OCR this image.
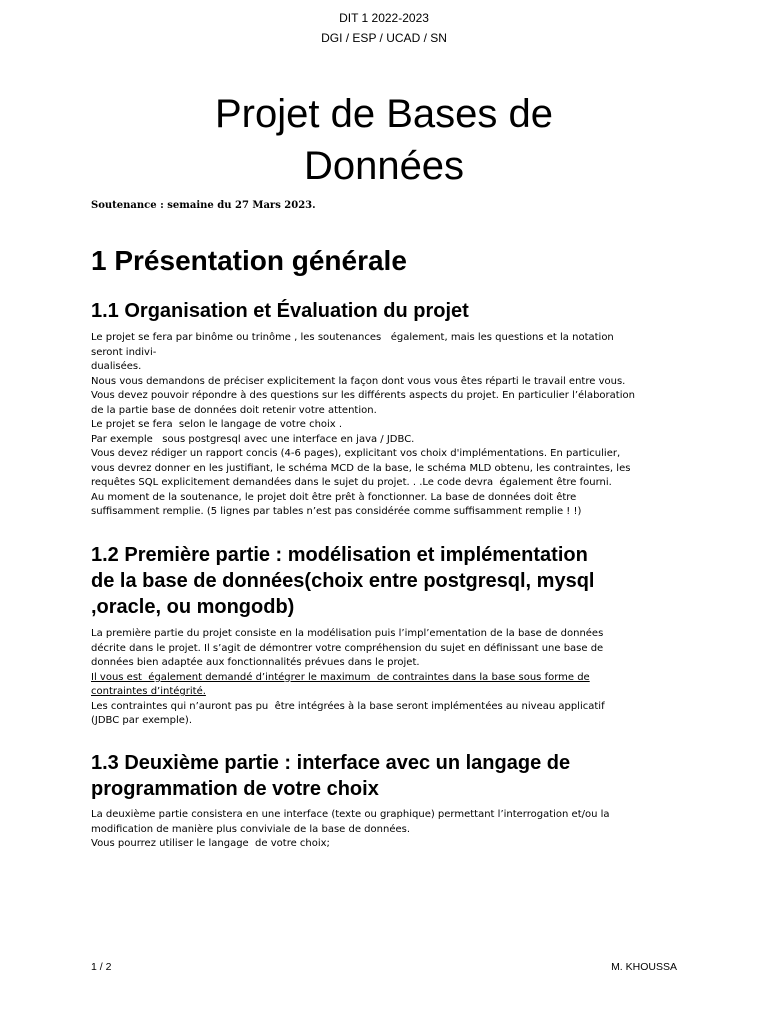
DIT 1 2022-2023
DGI / ESP / UCAD / SN
Projet de Bases de
Données
Soutenance : semaine du 27 Mars 2023.
1 Présentation générale
1.1 Organisation et Évaluation du projet
Le projet se fera par binôme ou trinôme , les soutenances   également, mais les questions et la notation
seront indivi-
dualisées.
Nous vous demandons de préciser explicitement la façon dont vous vous êtes réparti le travail entre vous.
Vous devez pouvoir répondre à des questions sur les différents aspects du projet. En particulier l’élaboration
de la partie base de données doit retenir votre attention.
Le projet se fera  selon le langage de votre choix .
Par exemple   sous postgresql avec une interface en java / JDBC.
Vous devez rédiger un rapport concis (4-6 pages), explicitant vos choix d'implémentations. En particulier,
vous devrez donner en les justifiant, le schéma MCD de la base, le schéma MLD obtenu, les contraintes, les
requêtes SQL explicitement demandées dans le sujet du projet. . .Le code devra  également être fourni.
Au moment de la soutenance, le projet doit être prêt à fonctionner. La base de données doit être
suffisamment remplie. (5 lignes par tables n’est pas considérée comme suffisamment remplie ! !)
1.2 Première partie : modélisation et implémentation
de la base de données(choix entre postgresql, mysql
,oracle, ou mongodb)
La première partie du projet consiste en la modélisation puis l’impl’ementation de la base de données
décrite dans le projet. Il s’agit de démontrer votre compréhension du sujet en définissant une base de
données bien adaptée aux fonctionnalités prévues dans le projet.
Il vous est  également demandé d’intégrer le maximum  de contraintes dans la base sous forme de
contraintes d’intégrité.
Les contraintes qui n’auront pas pu  être intégrées à la base seront implémentées au niveau applicatif
(JDBC par exemple).
1.3 Deuxième partie : interface avec un langage de
programmation de votre choix
La deuxième partie consistera en une interface (texte ou graphique) permettant l’interrogation et/ou la
modification de manière plus conviviale de la base de données.
Vous pourrez utiliser le langage  de votre choix;
1 / 2	M. KHOUSSA
